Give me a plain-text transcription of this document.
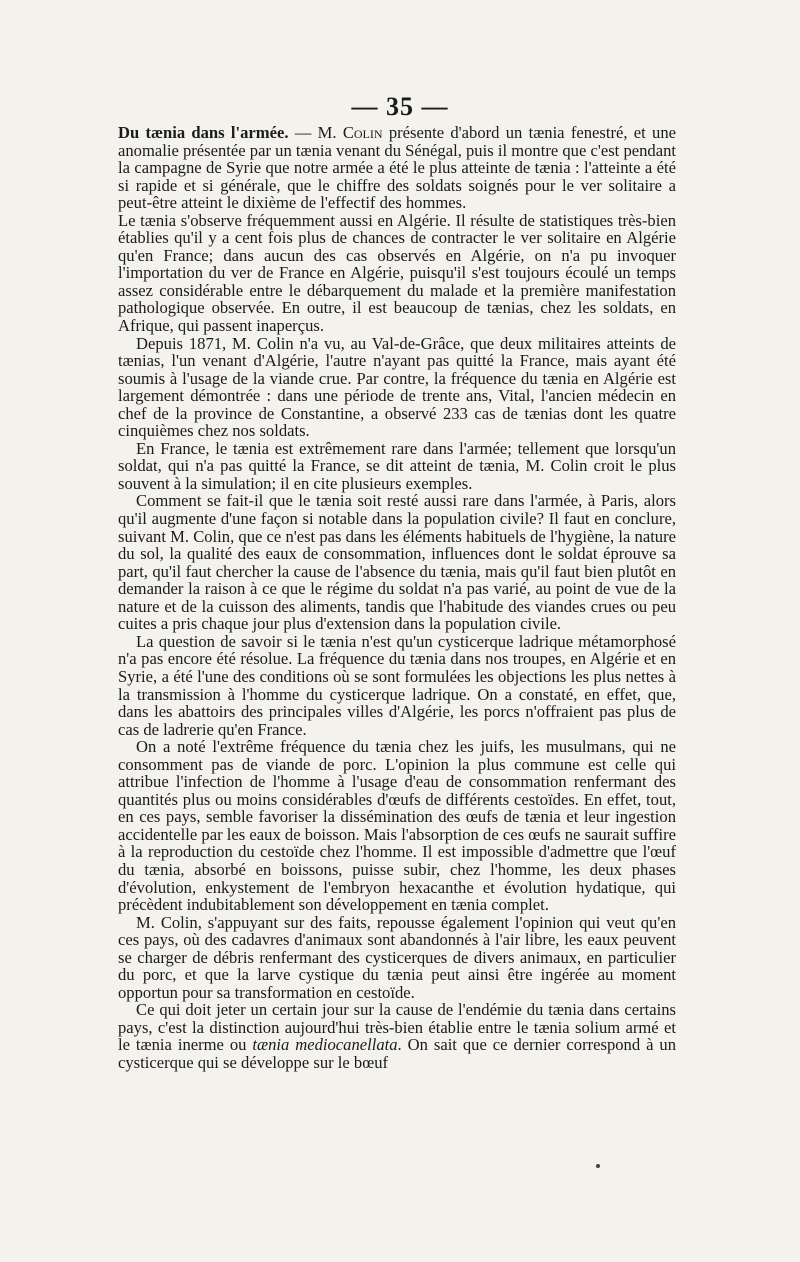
— 35 —

Du tænia dans l'armée. — M. Colin présente d'abord un tænia fenestré, et une anomalie présentée par un tænia venant du Sénégal, puis il montre que c'est pendant la campagne de Syrie que notre armée a été le plus atteinte de tænia : l'atteinte a été si rapide et si générale, que le chiffre des soldats soignés pour le ver solitaire a peut-être atteint le dixième de l'effectif des hommes.

Le tænia s'observe fréquemment aussi en Algérie. Il résulte de statistiques très-bien établies qu'il y a cent fois plus de chances de contracter le ver solitaire en Algérie qu'en France; dans aucun des cas observés en Algérie, on n'a pu invoquer l'importation du ver de France en Algérie, puisqu'il s'est toujours écoulé un temps assez considérable entre le débarquement du malade et la première manifestation pathologique observée. En outre, il est beaucoup de tænias, chez les soldats, en Afrique, qui passent inaperçus.

Depuis 1871, M. Colin n'a vu, au Val-de-Grâce, que deux militaires atteints de tænias, l'un venant d'Algérie, l'autre n'ayant pas quitté la France, mais ayant été soumis à l'usage de la viande crue. Par contre, la fréquence du tænia en Algérie est largement démontrée : dans une période de trente ans, Vital, l'ancien médecin en chef de la province de Constantine, a observé 233 cas de tænias dont les quatre cinquièmes chez nos soldats.

En France, le tænia est extrêmement rare dans l'armée; tellement que lorsqu'un soldat, qui n'a pas quitté la France, se dit atteint de tænia, M. Colin croit le plus souvent à la simulation; il en cite plusieurs exemples.

Comment se fait-il que le tænia soit resté aussi rare dans l'armée, à Paris, alors qu'il augmente d'une façon si notable dans la population civile? Il faut en conclure, suivant M. Colin, que ce n'est pas dans les éléments habituels de l'hygiène, la nature du sol, la qualité des eaux de consommation, influences dont le soldat éprouve sa part, qu'il faut chercher la cause de l'absence du tænia, mais qu'il faut bien plutôt en demander la raison à ce que le régime du soldat n'a pas varié, au point de vue de la nature et de la cuisson des aliments, tandis que l'habitude des viandes crues ou peu cuites a pris chaque jour plus d'extension dans la population civile.

La question de savoir si le tænia n'est qu'un cysticerque ladrique métamorphosé n'a pas encore été résolue. La fréquence du tænia dans nos troupes, en Algérie et en Syrie, a été l'une des conditions où se sont formulées les objections les plus nettes à la transmission à l'homme du cysticerque ladrique. On a constaté, en effet, que, dans les abattoirs des principales villes d'Algérie, les porcs n'offraient pas plus de cas de ladrerie qu'en France.

On a noté l'extrême fréquence du tænia chez les juifs, les musulmans, qui ne consomment pas de viande de porc. L'opinion la plus commune est celle qui attribue l'infection de l'homme à l'usage d'eau de consommation renfermant des quantités plus ou moins considérables d'œufs de différents cestoïdes. En effet, tout, en ces pays, semble favoriser la dissémination des œufs de tænia et leur ingestion accidentelle par les eaux de boisson. Mais l'absorption de ces œufs ne saurait suffire à la reproduction du cestoïde chez l'homme. Il est impossible d'admettre que l'œuf du tænia, absorbé en boissons, puisse subir, chez l'homme, les deux phases d'évolution, enkystement de l'embryon hexacanthe et évolution hydatique, qui précèdent indubitablement son développement en tænia complet.

M. Colin, s'appuyant sur des faits, repousse également l'opinion qui veut qu'en ces pays, où des cadavres d'animaux sont abandonnés à l'air libre, les eaux peuvent se charger de débris renfermant des cysticerques de divers animaux, en particulier du porc, et que la larve cystique du tænia peut ainsi être ingérée au moment opportun pour sa transformation en cestoïde.

Ce qui doit jeter un certain jour sur la cause de l'endémie du tænia dans certains pays, c'est la distinction aujourd'hui très-bien établie entre le tænia solium armé et le tænia inerme ou tænia mediocanellata. On sait que ce dernier correspond à un cysticerque qui se développe sur le bœuf
